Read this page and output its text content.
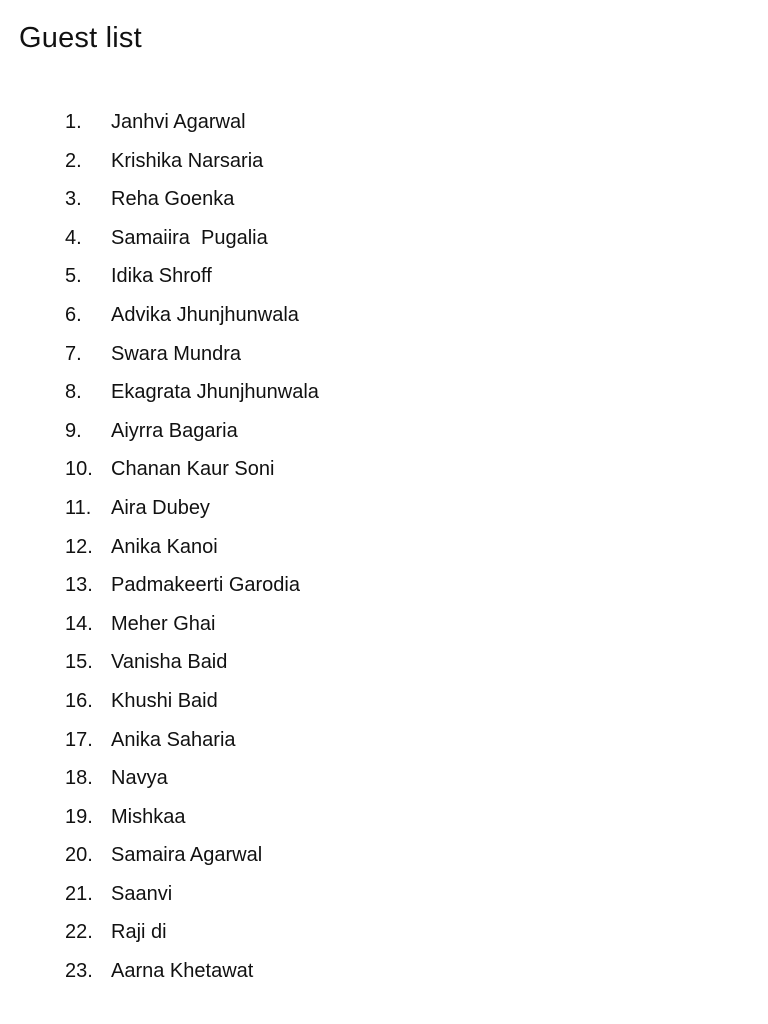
Guest list
1. Janhvi Agarwal
2. Krishika Narsaria
3. Reha Goenka
4. Samaiira  Pugalia
5. Idika Shroff
6. Advika Jhunjhunwala
7. Swara Mundra
8. Ekagrata Jhunjhunwala
9. Aiyrra Bagaria
10. Chanan Kaur Soni
11. Aira Dubey
12. Anika Kanoi
13. Padmakeerti Garodia
14. Meher Ghai
15. Vanisha Baid
16. Khushi Baid
17. Anika Saharia
18. Navya
19. Mishkaa
20. Samaira Agarwal
21. Saanvi
22. Raji di
23. Aarna Khetawat
